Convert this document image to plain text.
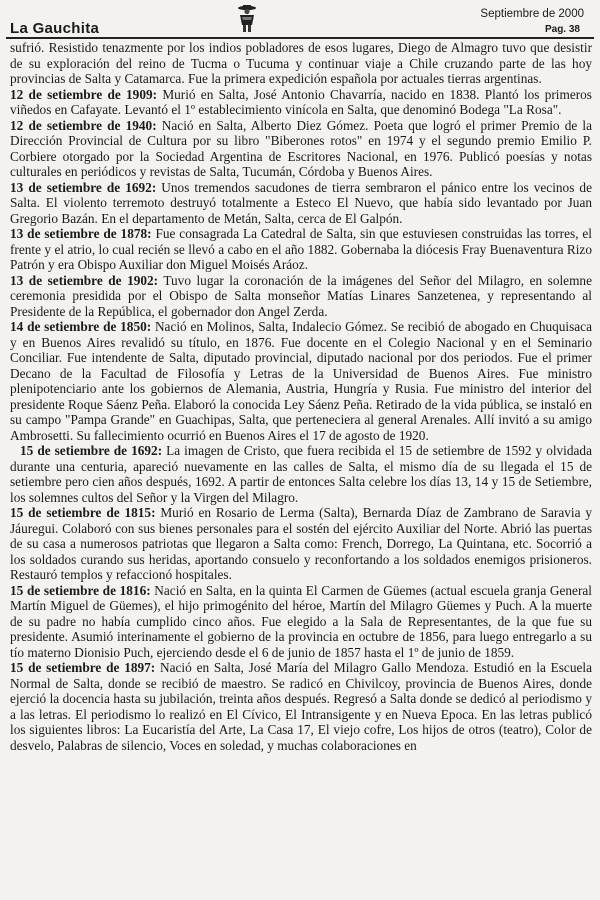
La Gauchita
Septiembre de 2000
Pag. 38

sufrió. Resistido tenazmente por los indios pobladores de esos lugares, Diego de Almagro tuvo que desistir de su exploración del reino de Tucma o Tucuma y continuar viaje a Chile cruzando parte de las hoy provincias de Salta y Catamarca. Fue la primera expedición española por actuales tierras argentinas.

12 de setiembre de 1909: Murió en Salta, José Antonio Chavarría, nacido en 1838. Plantó los primeros viñedos en Cafayate. Levantó el 1º establecimiento vinícola en Salta, que denominó Bodega "La Rosa".

12 de setiembre de 1940: Nació en Salta, Alberto Diez Gómez. Poeta que logró el primer Premio de la Dirección Provincial de Cultura por su libro "Biberones rotos" en 1974 y el segundo premio Emilio P. Corbiere otorgado por la Sociedad Argentina de Escritores Nacional, en 1976. Publicó poesías y notas culturales en periódicos y revistas de Salta, Tucumán, Córdoba y Buenos Aires.

13 de setiembre de 1692: Unos tremendos sacudones de tierra sembraron el pánico entre los vecinos de Salta. El violento terremoto destruyó totalmente a Esteco El Nuevo, que había sido levantado por Juan Gregorio Bazán. En el departamento de Metán, Salta, cerca de El Galpón.

13 de setiembre de 1878: Fue consagrada La Catedral de Salta, sin que estuviesen construidas las torres, el frente y el atrio, lo cual recién se llevó a cabo en el año 1882. Gobernaba la diócesis Fray Buenaventura Rizo Patrón y era Obispo Auxiliar don Miguel Moisés Aráoz.

13 de setiembre de 1902: Tuvo lugar la coronación de la imágenes del Señor del Milagro, en solemne ceremonia presidida por el Obispo de Salta monseñor Matías Linares Sanzetenea, y representando al Presidente de la República, el gobernador don Angel Zerda.

14 de setiembre de 1850: Nació en Molinos, Salta, Indalecio Gómez. Se recibió de abogado en Chuquisaca y en Buenos Aires revalidó su título, en 1876. Fue docente en el Colegio Nacional y en el Seminario Conciliar. Fue intendente de Salta, diputado provincial, diputado nacional por dos periodos. Fue el primer Decano de la Facultad de Filosofía y Letras de la Universidad de Buenos Aires. Fue ministro plenipotenciario ante los gobiernos de Alemania, Austria, Hungría y Rusia. Fue ministro del interior del presidente Roque Sáenz Peña. Elaboró la conocida Ley Sáenz Peña. Retirado de la vida pública, se instaló en su campo "Pampa Grande" en Guachipas, Salta, que perteneciera al general Arenales. Allí invitó a su amigo Ambrosetti. Su fallecimiento ocurrió en Buenos Aires el 17 de agosto de 1920.

15 de setiembre de 1692: La imagen de Cristo, que fuera recibida el 15 de setiembre de 1592 y olvidada durante una centuria, apareció nuevamente en las calles de Salta, el mismo día de su llegada el 15 de setiembre pero cien años después, 1692. A partir de entonces Salta celebre los días 13, 14 y 15 de Setiembre, los solemnes cultos del Señor y la Virgen del Milagro.

15 de setiembre de 1815: Murió en Rosario de Lerma (Salta), Bernarda Díaz de Zambrano de Saravia y Jáuregui. Colaboró con sus bienes personales para el sostén del ejército Auxiliar del Norte. Abrió las puertas de su casa a numerosos patriotas que llegaron a Salta como: French, Dorrego, La Quintana, etc. Socorrió a los soldados curando sus heridas, aportando consuelo y reconfortando a los soldados enemigos prisioneros. Restauró templos y refaccionó hospitales.

15 de setiembre de 1816: Nació en Salta, en la quinta El Carmen de Güemes (actual escuela granja General Martín Miguel de Güemes), el hijo primogénito del héroe, Martín del Milagro Güemes y Puch. A la muerte de su padre no había cumplido cinco años. Fue elegido a la Sala de Representantes, de la que fue su presidente. Asumió interinamente el gobierno de la provincia en octubre de 1856, para luego entregarlo a su tío materno Dionisio Puch, ejerciendo desde el 6 de junio de 1857 hasta el 1º de junio de 1859.

15 de setiembre de 1897: Nació en Salta, José María del Milagro Gallo Mendoza. Estudió en la Escuela Normal de Salta, donde se recibió de maestro. Se radicó en Chivilcoy, provincia de Buenos Aires, donde ejerció la docencia hasta su jubilación, treinta años después. Regresó a Salta donde se dedicó al periodismo y a las letras. El periodismo lo realizó en El Cívico, El Intransigente y en Nueva Epoca. En las letras publicó los siguientes libros: La Eucaristía del Arte, La Casa 17, El viejo cofre, Los hijos de otros (teatro), Color de desvelo, Palabras de silencio, Voces en soledad, y muchas colaboraciones en
